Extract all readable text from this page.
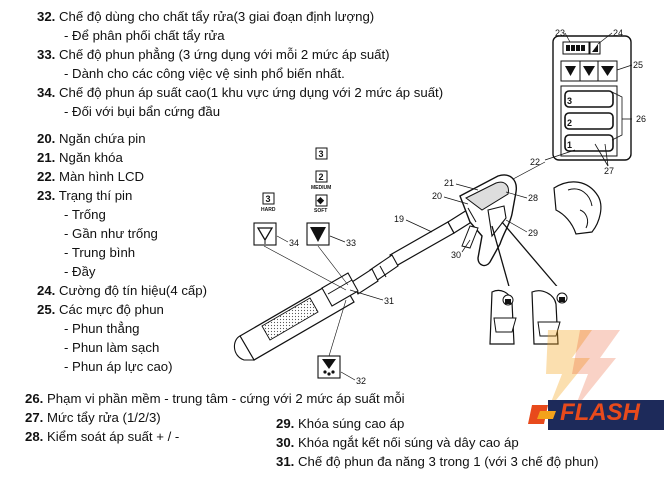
32. Chế độ dùng cho chất tẩy rửa(3 giai đoạn định lượng)
- Để phân phối chất tẩy rửa
33. Chế độ phun phẳng (3 ứng dụng với mỗi 2 mức áp suất)
- Dành cho các công việc vệ sinh phổ biến nhất.
34. Chế độ phun áp suất cao(1 khu vực ứng dụng với 2 mức áp suất)
- Đối với bụi bẩn cứng đầu
20. Ngăn chứa pin
21. Ngăn khóa
22. Màn hình LCD
23. Trạng thí pin
- Trống
- Gần như trống
- Trung bình
- Đầy
24. Cường độ tín hiệu(4 cấp)
25. Các mực độ phun
- Phun thẳng
- Phun làm sạch
- Phun áp lực cao)
26. Phạm vi phần mềm - trung tâm - cứng với 2 mức áp suất mỗi
27. Mức tẩy rửa (1/2/3)
28. Kiểm soát áp suất + / -
29. Khóa súng cao áp
30. Khóa ngắt kết nối súng và dây cao áp
31. Chế độ phun đa năng 3 trong 1 (với 3 chế độ phun)
3
2
1
23	24
25
26
27
22
21
20
19
28
29
30
31
3
HARD
2
MEDIUM
3
◆
SOFT
34	33
32
FLASH
